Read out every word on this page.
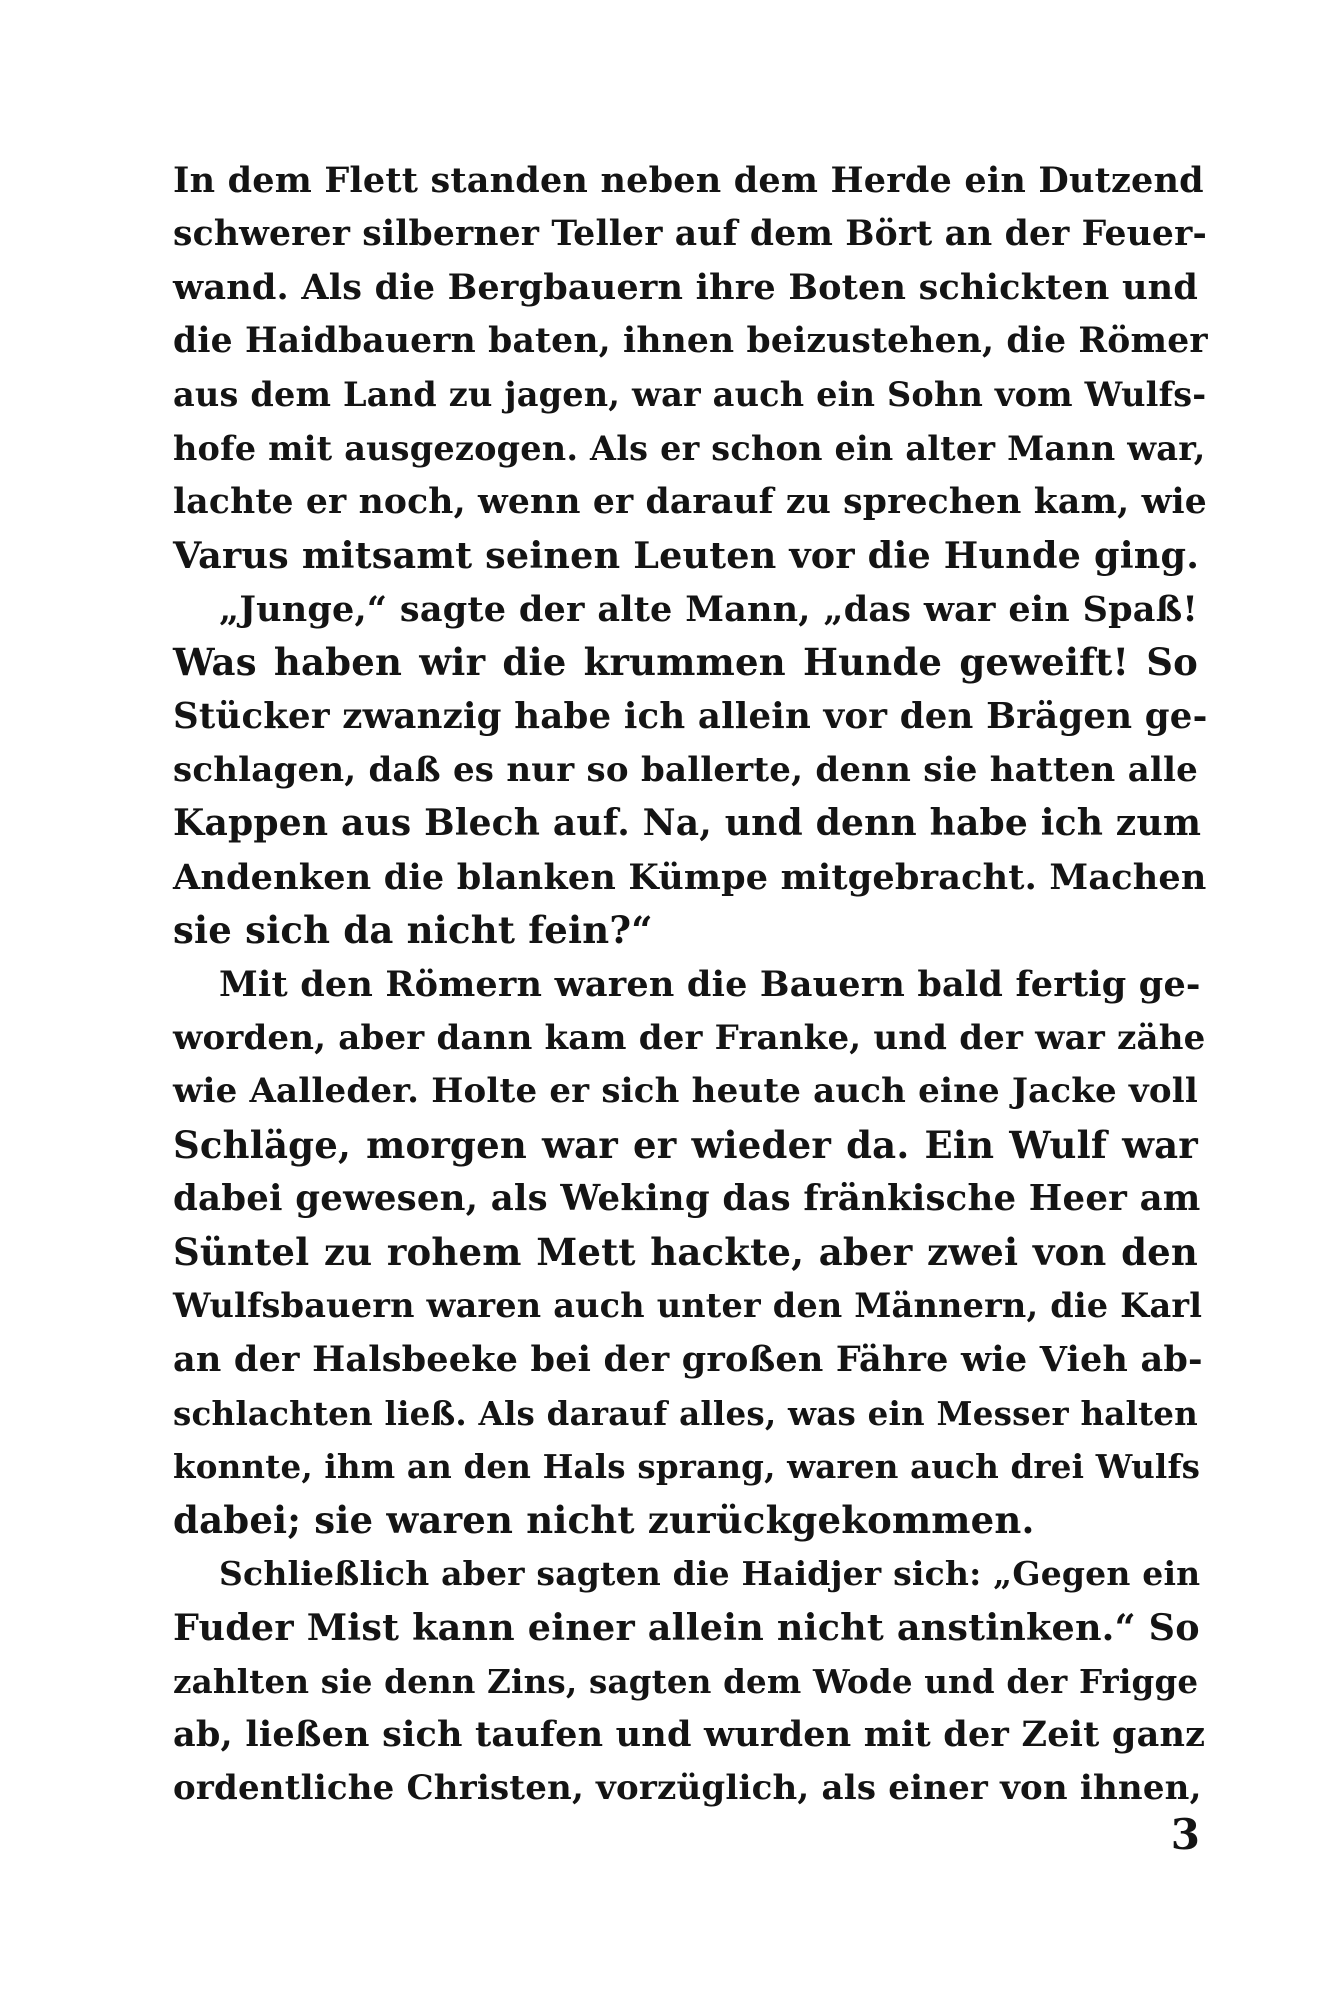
In dem Flett standen neben dem Herde ein Dutzend
schwerer silberner Teller auf dem Bört an der Feuer-
wand. Als die Bergbauern ihre Boten schickten und
die Haidbauern baten, ihnen beizustehen, die Römer
aus dem Land zu jagen, war auch ein Sohn vom Wulfs-
hofe mit ausgezogen. Als er schon ein alter Mann war,
lachte er noch, wenn er darauf zu sprechen kam, wie
Varus mitsamt seinen Leuten vor die Hunde ging.
„Junge,“ sagte der alte Mann, „das war ein Spaß!
Was haben wir die krummen Hunde geweift! So
Stücker zwanzig habe ich allein vor den Brägen ge-
schlagen, daß es nur so ballerte, denn sie hatten alle
Kappen aus Blech auf. Na, und denn habe ich zum
Andenken die blanken Kümpe mitgebracht. Machen
sie sich da nicht fein?“
Mit den Römern waren die Bauern bald fertig ge-
worden, aber dann kam der Franke, und der war zähe
wie Aalleder. Holte er sich heute auch eine Jacke voll
Schläge, morgen war er wieder da. Ein Wulf war
dabei gewesen, als Weking das fränkische Heer am
Süntel zu rohem Mett hackte, aber zwei von den
Wulfsbauern waren auch unter den Männern, die Karl
an der Halsbeeke bei der großen Fähre wie Vieh ab-
schlachten ließ. Als darauf alles, was ein Messer halten
konnte, ihm an den Hals sprang, waren auch drei Wulfs
dabei; sie waren nicht zurückgekommen.
Schließlich aber sagten die Haidjer sich: „Gegen ein
Fuder Mist kann einer allein nicht anstinken.“ So
zahlten sie denn Zins, sagten dem Wode und der Frigge
ab, ließen sich taufen und wurden mit der Zeit ganz
ordentliche Christen, vorzüglich, als einer von ihnen,
3
